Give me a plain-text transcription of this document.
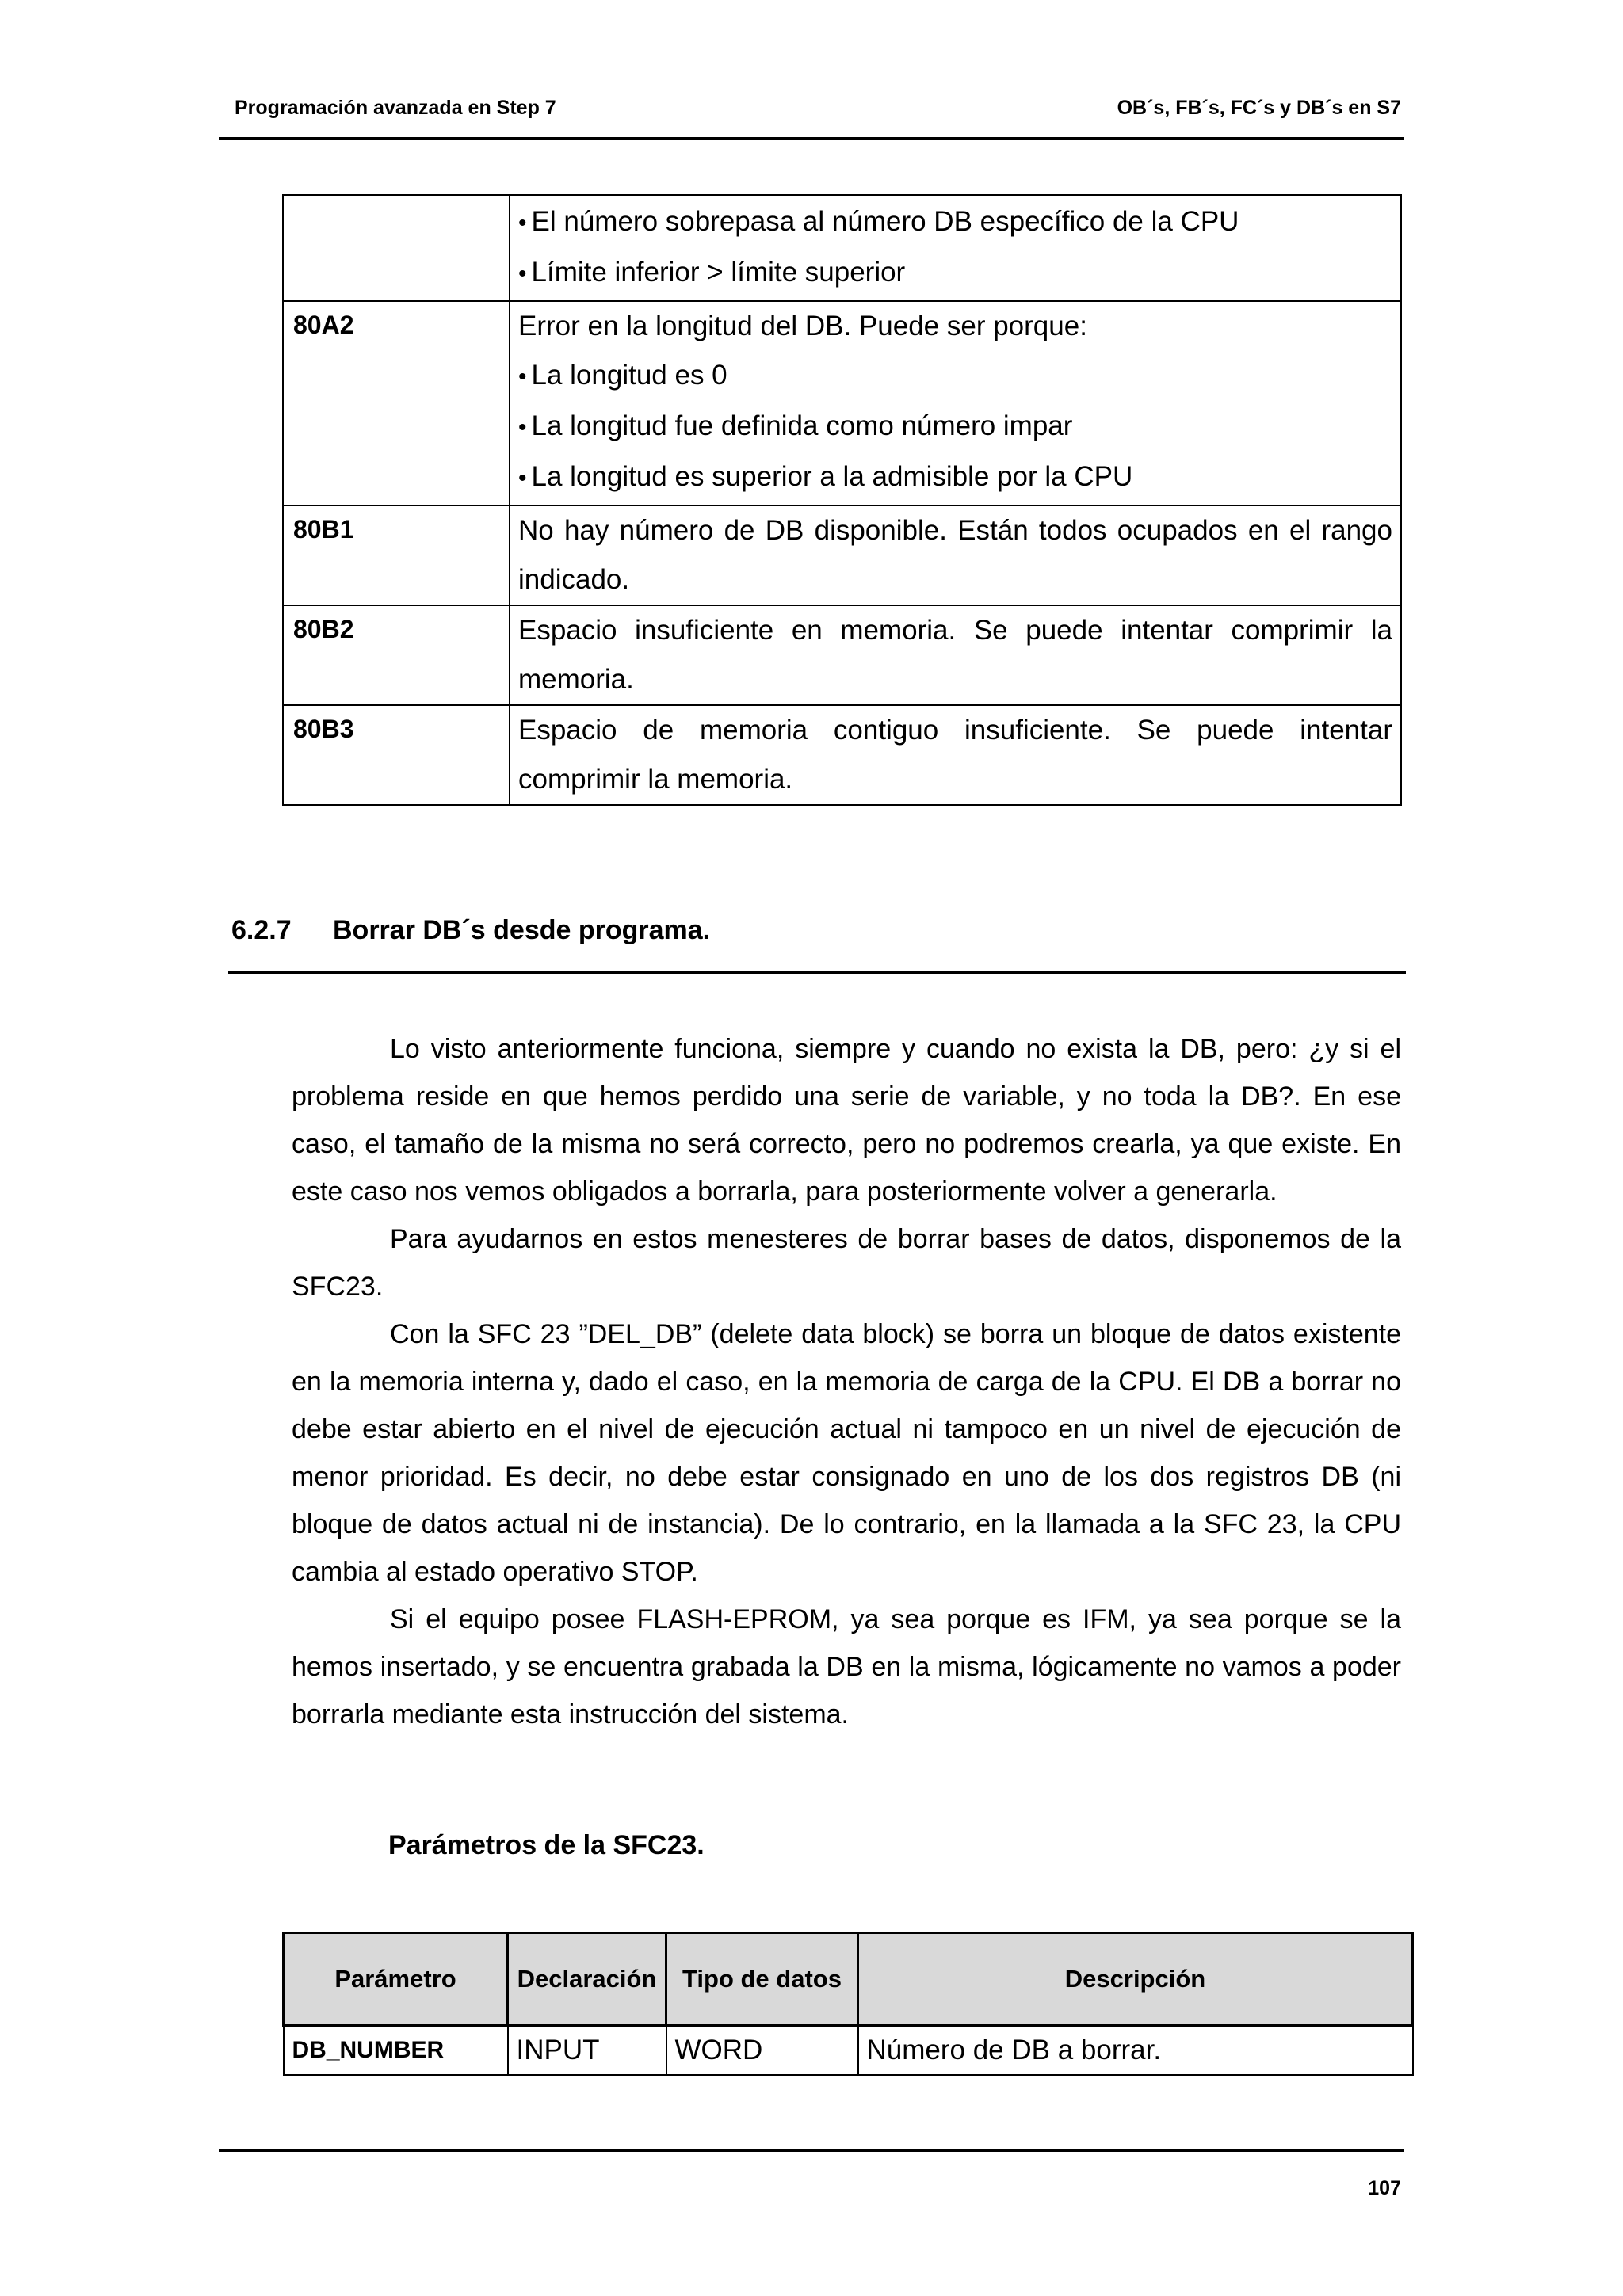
Programación avanzada en Step 7	OB´s, FB´s, FC´s y DB´s en S7

	• El número sobrepasa al número DB específico de la CPU
• Límite inferior > límite superior

80A2	Error en la longitud del DB. Puede ser porque:
• La longitud es 0
• La longitud fue definida como número impar
• La longitud es superior a la admisible por la CPU

80B1	No hay número de DB disponible. Están todos ocupados en el rango indicado.

80B2	Espacio insuficiente en memoria. Se puede intentar comprimir la memoria.

80B3	Espacio de memoria contiguo insuficiente. Se puede intentar comprimir la memoria.
6.2.7 Borrar DB´s desde programa.

Lo visto anteriormente funciona, siempre y cuando no exista la DB, pero: ¿y si el problema reside en que hemos perdido una serie de variable, y no toda la DB?. En ese caso, el tamaño de la misma no será correcto, pero no podremos crearla, ya que existe. En este caso nos vemos obligados a borrarla, para posteriormente volver a generarla.

Para ayudarnos en estos menesteres de borrar bases de datos, disponemos de la SFC23.

Con la SFC 23 ”DEL_DB” (delete data block) se borra un bloque de datos existente en la memoria interna y, dado el caso, en la memoria de carga de la CPU. El DB a borrar no debe estar abierto en el nivel de ejecución actual ni tampoco en un nivel de ejecución de menor prioridad. Es decir, no debe estar consignado en uno de los dos registros DB (ni bloque de datos actual ni de instancia). De lo contrario, en la llamada a la SFC 23, la CPU cambia al estado operativo STOP.

Si el equipo posee FLASH-EPROM, ya sea porque es IFM, ya sea porque se la hemos insertado, y se encuentra grabada la DB en la misma, lógicamente no vamos a poder borrarla mediante esta instrucción del sistema.

Parámetros de la SFC23.
Parámetro	Declaración	Tipo de datos	Descripción
DB_NUMBER	INPUT	WORD	Número de DB a borrar.
107
